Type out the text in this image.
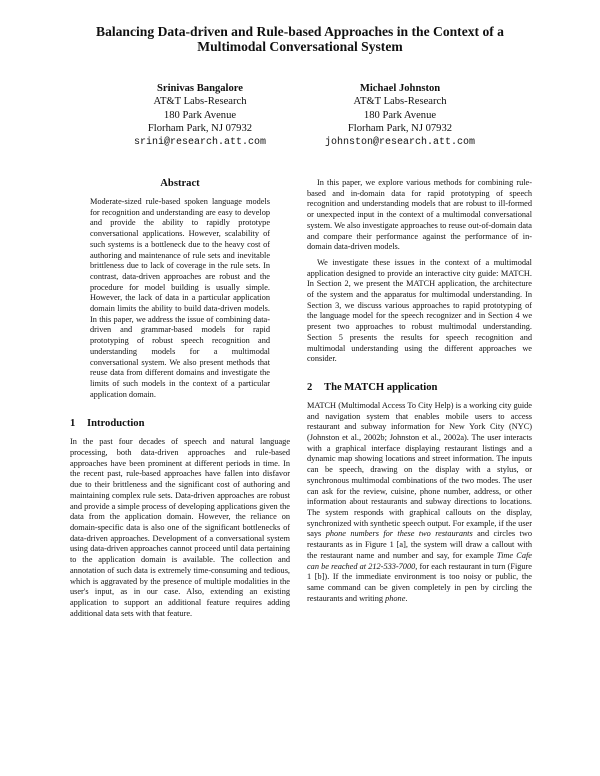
Balancing Data-driven and Rule-based Approaches in the Context of a Multimodal Conversational System
Srinivas Bangalore
AT&T Labs-Research
180 Park Avenue
Florham Park, NJ 07932
srini@research.att.com
Michael Johnston
AT&T Labs-Research
180 Park Avenue
Florham Park, NJ 07932
johnston@research.att.com
Abstract
Moderate-sized rule-based spoken language models for recognition and understanding are easy to develop and provide the ability to rapidly prototype conversational applications. However, scalability of such systems is a bottleneck due to the heavy cost of authoring and maintenance of rule sets and inevitable brittleness due to lack of coverage in the rule sets. In contrast, data-driven approaches are robust and the procedure for model building is usually simple. However, the lack of data in a particular application domain limits the ability to build data-driven models. In this paper, we address the issue of combining data-driven and grammar-based models for rapid prototyping of robust speech recognition and understanding models for a multimodal conversational system. We also present methods that reuse data from different domains and investigate the limits of such models in the context of a particular application domain.
1 Introduction

In the past four decades of speech and natural language processing, both data-driven approaches and rule-based approaches have been prominent at different periods in time. In the recent past, rule-based approaches have fallen into disfavor due to their brittleness and the significant cost of authoring and maintaining complex rule sets. Data-driven approaches are robust and provide a simple process of developing applications given the data from the application domain. However, the reliance on domain-specific data is also one of the significant bottlenecks of data-driven approaches. Development of a conversational system using data-driven approaches cannot proceed until data pertaining to the application domain is available. The collection and annotation of such data is extremely time-consuming and tedious, which is aggravated by the presence of multiple modalities in the user's input, as in our case. Also, extending an existing application to support an additional feature requires adding additional data sets with that feature.

In this paper, we explore various methods for combining rule-based and in-domain data for rapid prototyping of speech recognition and understanding models that are robust to ill-formed or unexpected input in the context of a multimodal conversational system. We also investigate approaches to reuse out-of-domain data and compare their performance against the performance of in-domain data-driven models.

We investigate these issues in the context of a multimodal application designed to provide an interactive city guide: MATCH. In Section 2, we present the MATCH application, the architecture of the system and the apparatus for multimodal understanding. In Section 3, we discuss various approaches to rapid prototyping of the language model for the speech recognizer and in Section 4 we present two approaches to robust multimodal understanding. Section 5 presents the results for speech recognition and multimodal understanding using the different approaches we consider.

2 The MATCH application

MATCH (Multimodal Access To City Help) is a working city guide and navigation system that enables mobile users to access restaurant and subway information for New York City (NYC) (Johnston et al., 2002b; Johnston et al., 2002a). The user interacts with a graphical interface displaying restaurant listings and a dynamic map showing locations and street information. The inputs can be speech, drawing on the display with a stylus, or synchronous multimodal combinations of the two modes. The user can ask for the review, cuisine, phone number, address, or other information about restaurants and subway directions to locations. The system responds with graphical callouts on the display, synchronized with synthetic speech output. For example, if the user says phone numbers for these two restaurants and circles two restaurants as in Figure 1 [a], the system will draw a callout with the restaurant name and number and say, for example Time Cafe can be reached at 212-533-7000, for each restaurant in turn (Figure 1 [b]). If the immediate environment is too noisy or public, the same command can be given completely in pen by circling the restaurants and writing phone.
